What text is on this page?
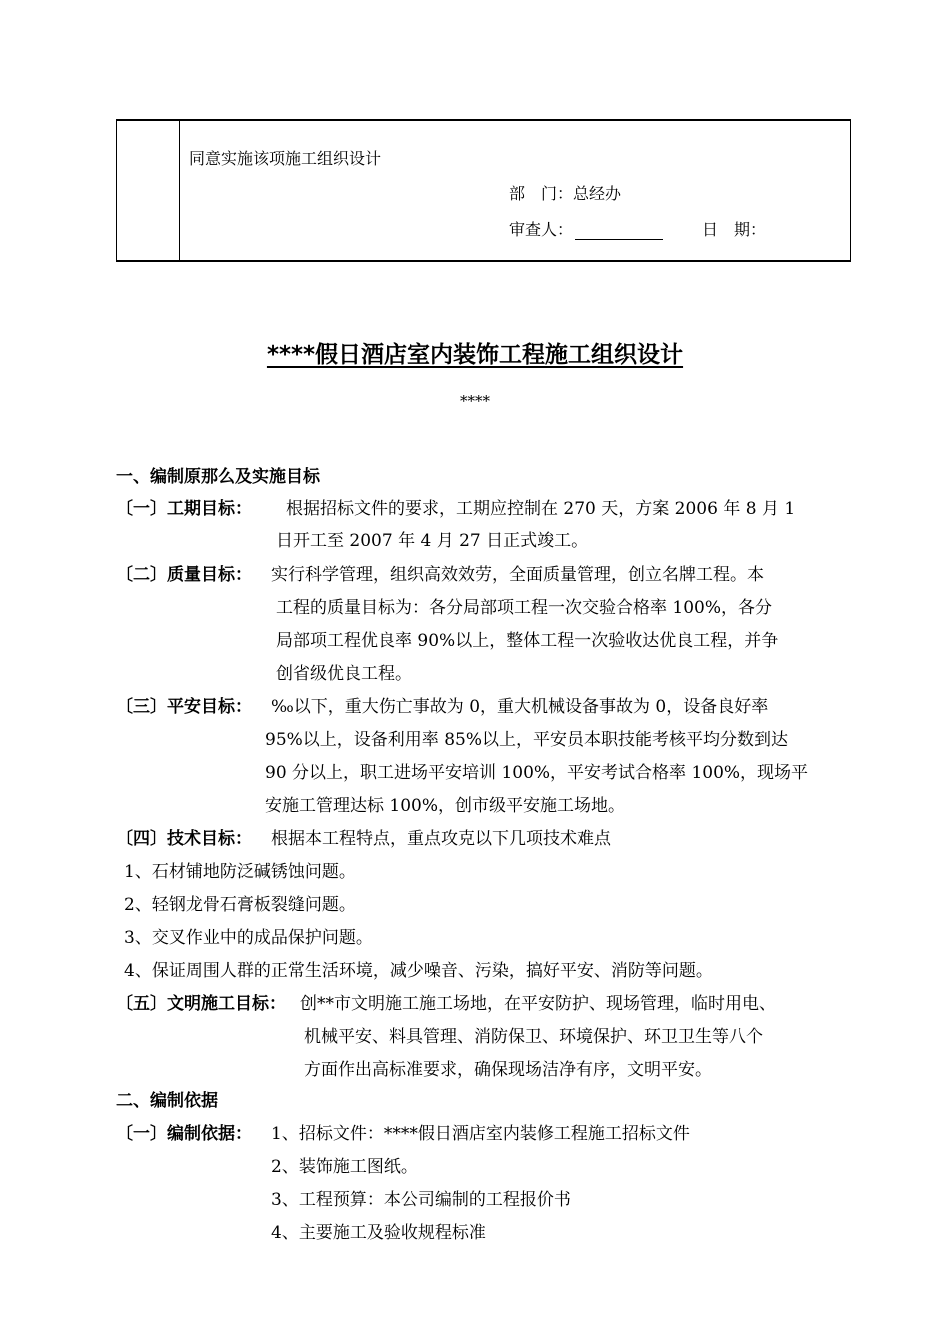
同意实施该项施工组织设计
部　门：总经办
审查人：	日　期：
****假日酒店室内装饰工程施工组织设计
****
一、编制原那么及实施目标
〔一〕工期目标： 根据招标文件的要求，工期应控制在 270 天，方案 2006 年 8 月 1
日开工至 2007 年 4 月 27 日正式竣工。
〔二〕质量目标： 实行科学管理，组织高效效劳，全面质量管理，创立名牌工程。本
工程的质量目标为：各分局部项工程一次交验合格率 100%，各分
局部项工程优良率 90%以上，整体工程一次验收达优良工程，并争
创省级优良工程。
〔三〕平安目标： ‰以下，重大伤亡事故为 0，重大机械设备事故为 0，设备良好率
95%以上，设备利用率 85%以上，平安员本职技能考核平均分数到达
90 分以上，职工进场平安培训 100%，平安考试合格率 100%，现场平
安施工管理达标 100%，创市级平安施工场地。
〔四〕技术目标： 根据本工程特点，重点攻克以下几项技术难点
1、石材铺地防泛碱锈蚀问题。
2、轻钢龙骨石膏板裂缝问题。
3、交叉作业中的成品保护问题。
4、保证周围人群的正常生活环境，减少噪音、污染，搞好平安、消防等问题。
〔五〕文明施工目标： 创**市文明施工施工场地，在平安防护、现场管理，临时用电、
机械平安、料具管理、消防保卫、环境保护、环卫卫生等八个
方面作出高标准要求，确保现场洁净有序，文明平安。
二、编制依据
〔一〕编制依据： 1、招标文件：****假日酒店室内装修工程施工招标文件
2、装饰施工图纸。
3、工程预算：本公司编制的工程报价书
4、主要施工及验收规程标准
